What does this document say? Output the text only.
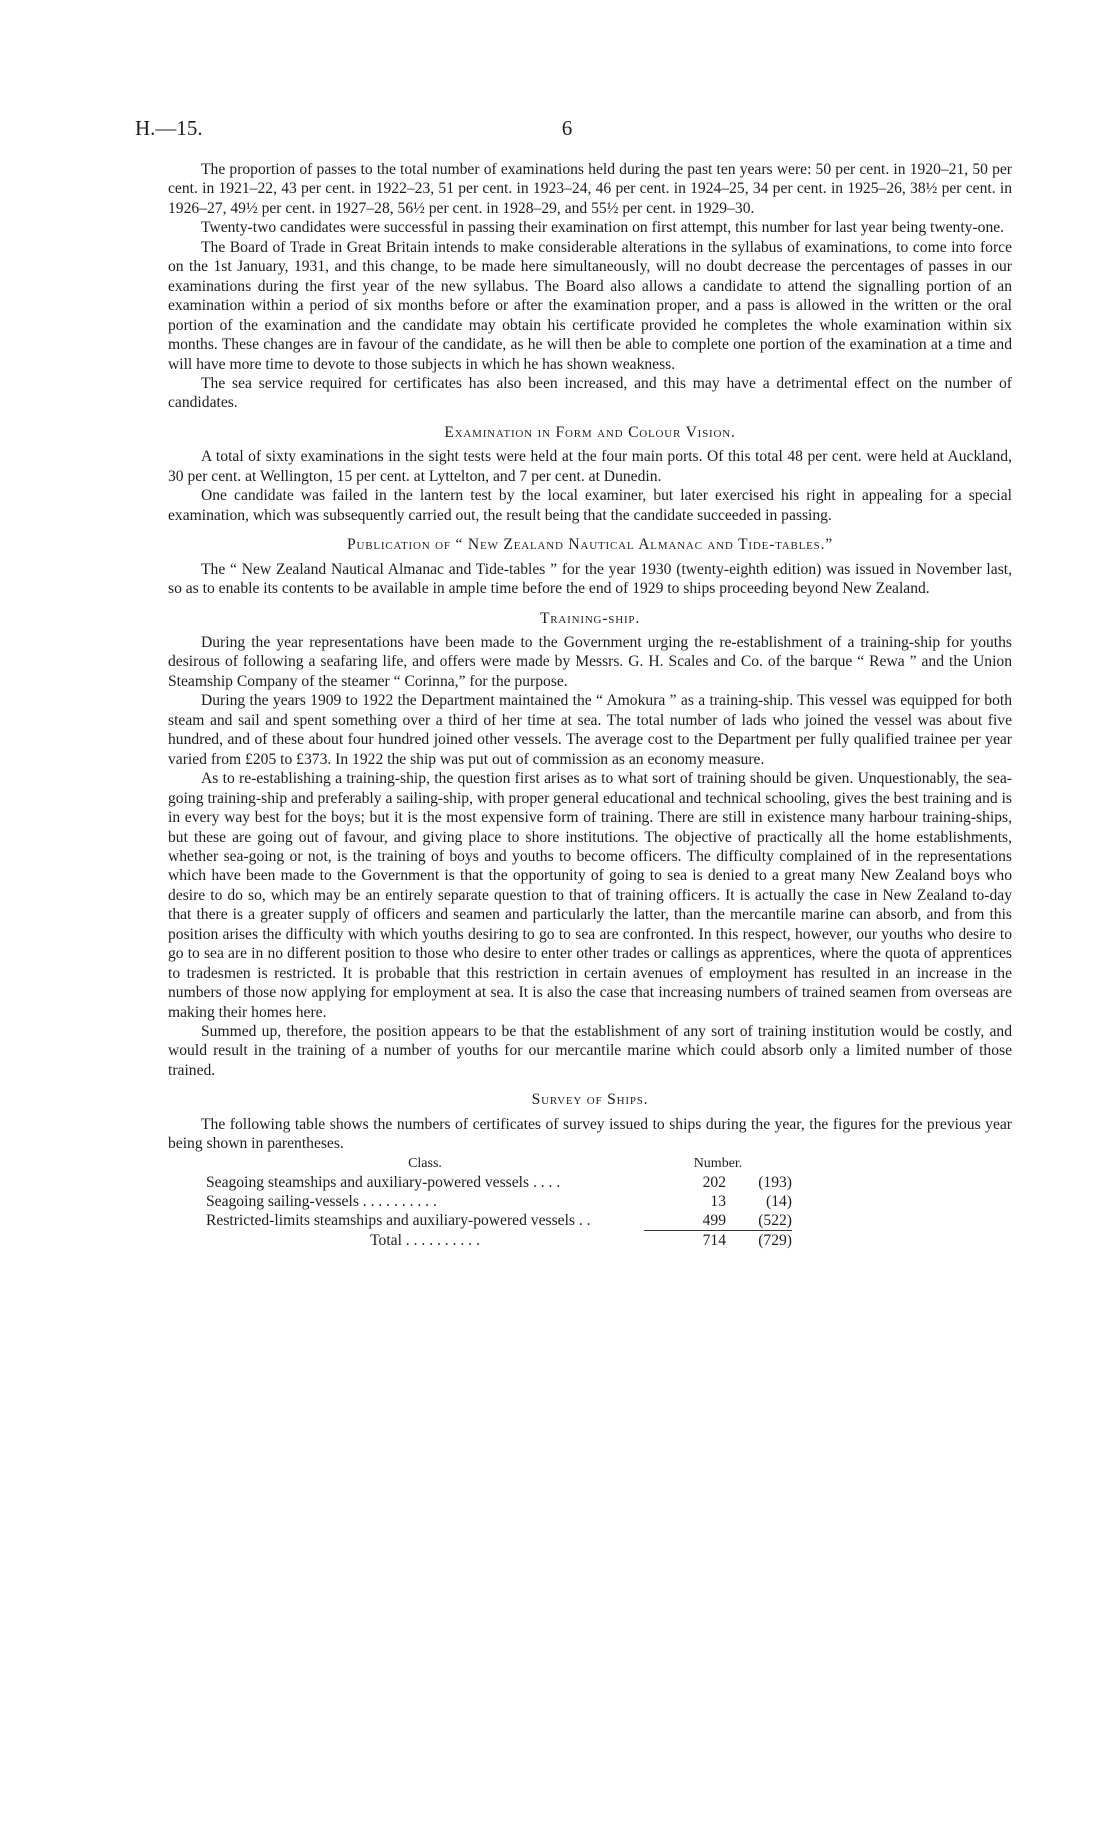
H.—15.	6

The proportion of passes to the total number of examinations held during the past ten years were: 50 per cent. in 1920–21, 50 per cent. in 1921–22, 43 per cent. in 1922–23, 51 per cent. in 1923–24, 46 per cent. in 1924–25, 34 per cent. in 1925–26, 38½ per cent. in 1926–27, 49½ per cent. in 1927–28, 56½ per cent. in 1928–29, and 55½ per cent. in 1929–30.

Twenty-two candidates were successful in passing their examination on first attempt, this number for last year being twenty-one.

The Board of Trade in Great Britain intends to make considerable alterations in the syllabus of examinations, to come into force on the 1st January, 1931, and this change, to be made here simultaneously, will no doubt decrease the percentages of passes in our examinations during the first year of the new syllabus. The Board also allows a candidate to attend the signalling portion of an examination within a period of six months before or after the examination proper, and a pass is allowed in the written or the oral portion of the examination and the candidate may obtain his certificate provided he completes the whole examination within six months. These changes are in favour of the candidate, as he will then be able to complete one portion of the examination at a time and will have more time to devote to those subjects in which he has shown weakness.

The sea service required for certificates has also been increased, and this may have a detrimental effect on the number of candidates.

Examination in Form and Colour Vision.

A total of sixty examinations in the sight tests were held at the four main ports. Of this total 48 per cent. were held at Auckland, 30 per cent. at Wellington, 15 per cent. at Lyttelton, and 7 per cent. at Dunedin.

One candidate was failed in the lantern test by the local examiner, but later exercised his right in appealing for a special examination, which was subsequently carried out, the result being that the candidate succeeded in passing.

Publication of “ New Zealand Nautical Almanac and Tide-tables.”

The “ New Zealand Nautical Almanac and Tide-tables ” for the year 1930 (twenty-eighth edition) was issued in November last, so as to enable its contents to be available in ample time before the end of 1929 to ships proceeding beyond New Zealand.

Training-ship.

During the year representations have been made to the Government urging the re-establishment of a training-ship for youths desirous of following a seafaring life, and offers were made by Messrs. G. H. Scales and Co. of the barque “ Rewa ” and the Union Steamship Company of the steamer “ Corinna,” for the purpose.

During the years 1909 to 1922 the Department maintained the “ Amokura ” as a training-ship. This vessel was equipped for both steam and sail and spent something over a third of her time at sea. The total number of lads who joined the vessel was about five hundred, and of these about four hundred joined other vessels. The average cost to the Department per fully qualified trainee per year varied from £205 to £373. In 1922 the ship was put out of commission as an economy measure.

As to re-establishing a training-ship, the question first arises as to what sort of training should be given. Unquestionably, the sea-going training-ship and preferably a sailing-ship, with proper general educational and technical schooling, gives the best training and is in every way best for the boys; but it is the most expensive form of training. There are still in existence many harbour training-ships, but these are going out of favour, and giving place to shore institutions. The objective of practically all the home establishments, whether sea-going or not, is the training of boys and youths to become officers. The difficulty complained of in the representations which have been made to the Government is that the opportunity of going to sea is denied to a great many New Zealand boys who desire to do so, which may be an entirely separate question to that of training officers. It is actually the case in New Zealand to-day that there is a greater supply of officers and seamen and particularly the latter, than the mercantile marine can absorb, and from this position arises the difficulty with which youths desiring to go to sea are confronted. In this respect, however, our youths who desire to go to sea are in no different position to those who desire to enter other trades or callings as apprentices, where the quota of apprentices to tradesmen is restricted. It is probable that this restriction in certain avenues of employment has resulted in an increase in the numbers of those now applying for employment at sea. It is also the case that increasing numbers of trained seamen from overseas are making their homes here.

Summed up, therefore, the position appears to be that the establishment of any sort of training institution would be costly, and would result in the training of a number of youths for our mercantile marine which could absorb only a limited number of those trained.

Survey of Ships.

The following table shows the numbers of certificates of survey issued to ships during the year, the figures for the previous year being shown in parentheses.

Class.	Number.	
Seagoing steamships and auxiliary-powered vessels . . . .	202	(193)
Seagoing sailing-vessels . . . . . . . . . .	13	(14)
Restricted-limits steamships and auxiliary-powered vessels . .	499	(522)
Total . . . . . . . . . .	714	(729)
